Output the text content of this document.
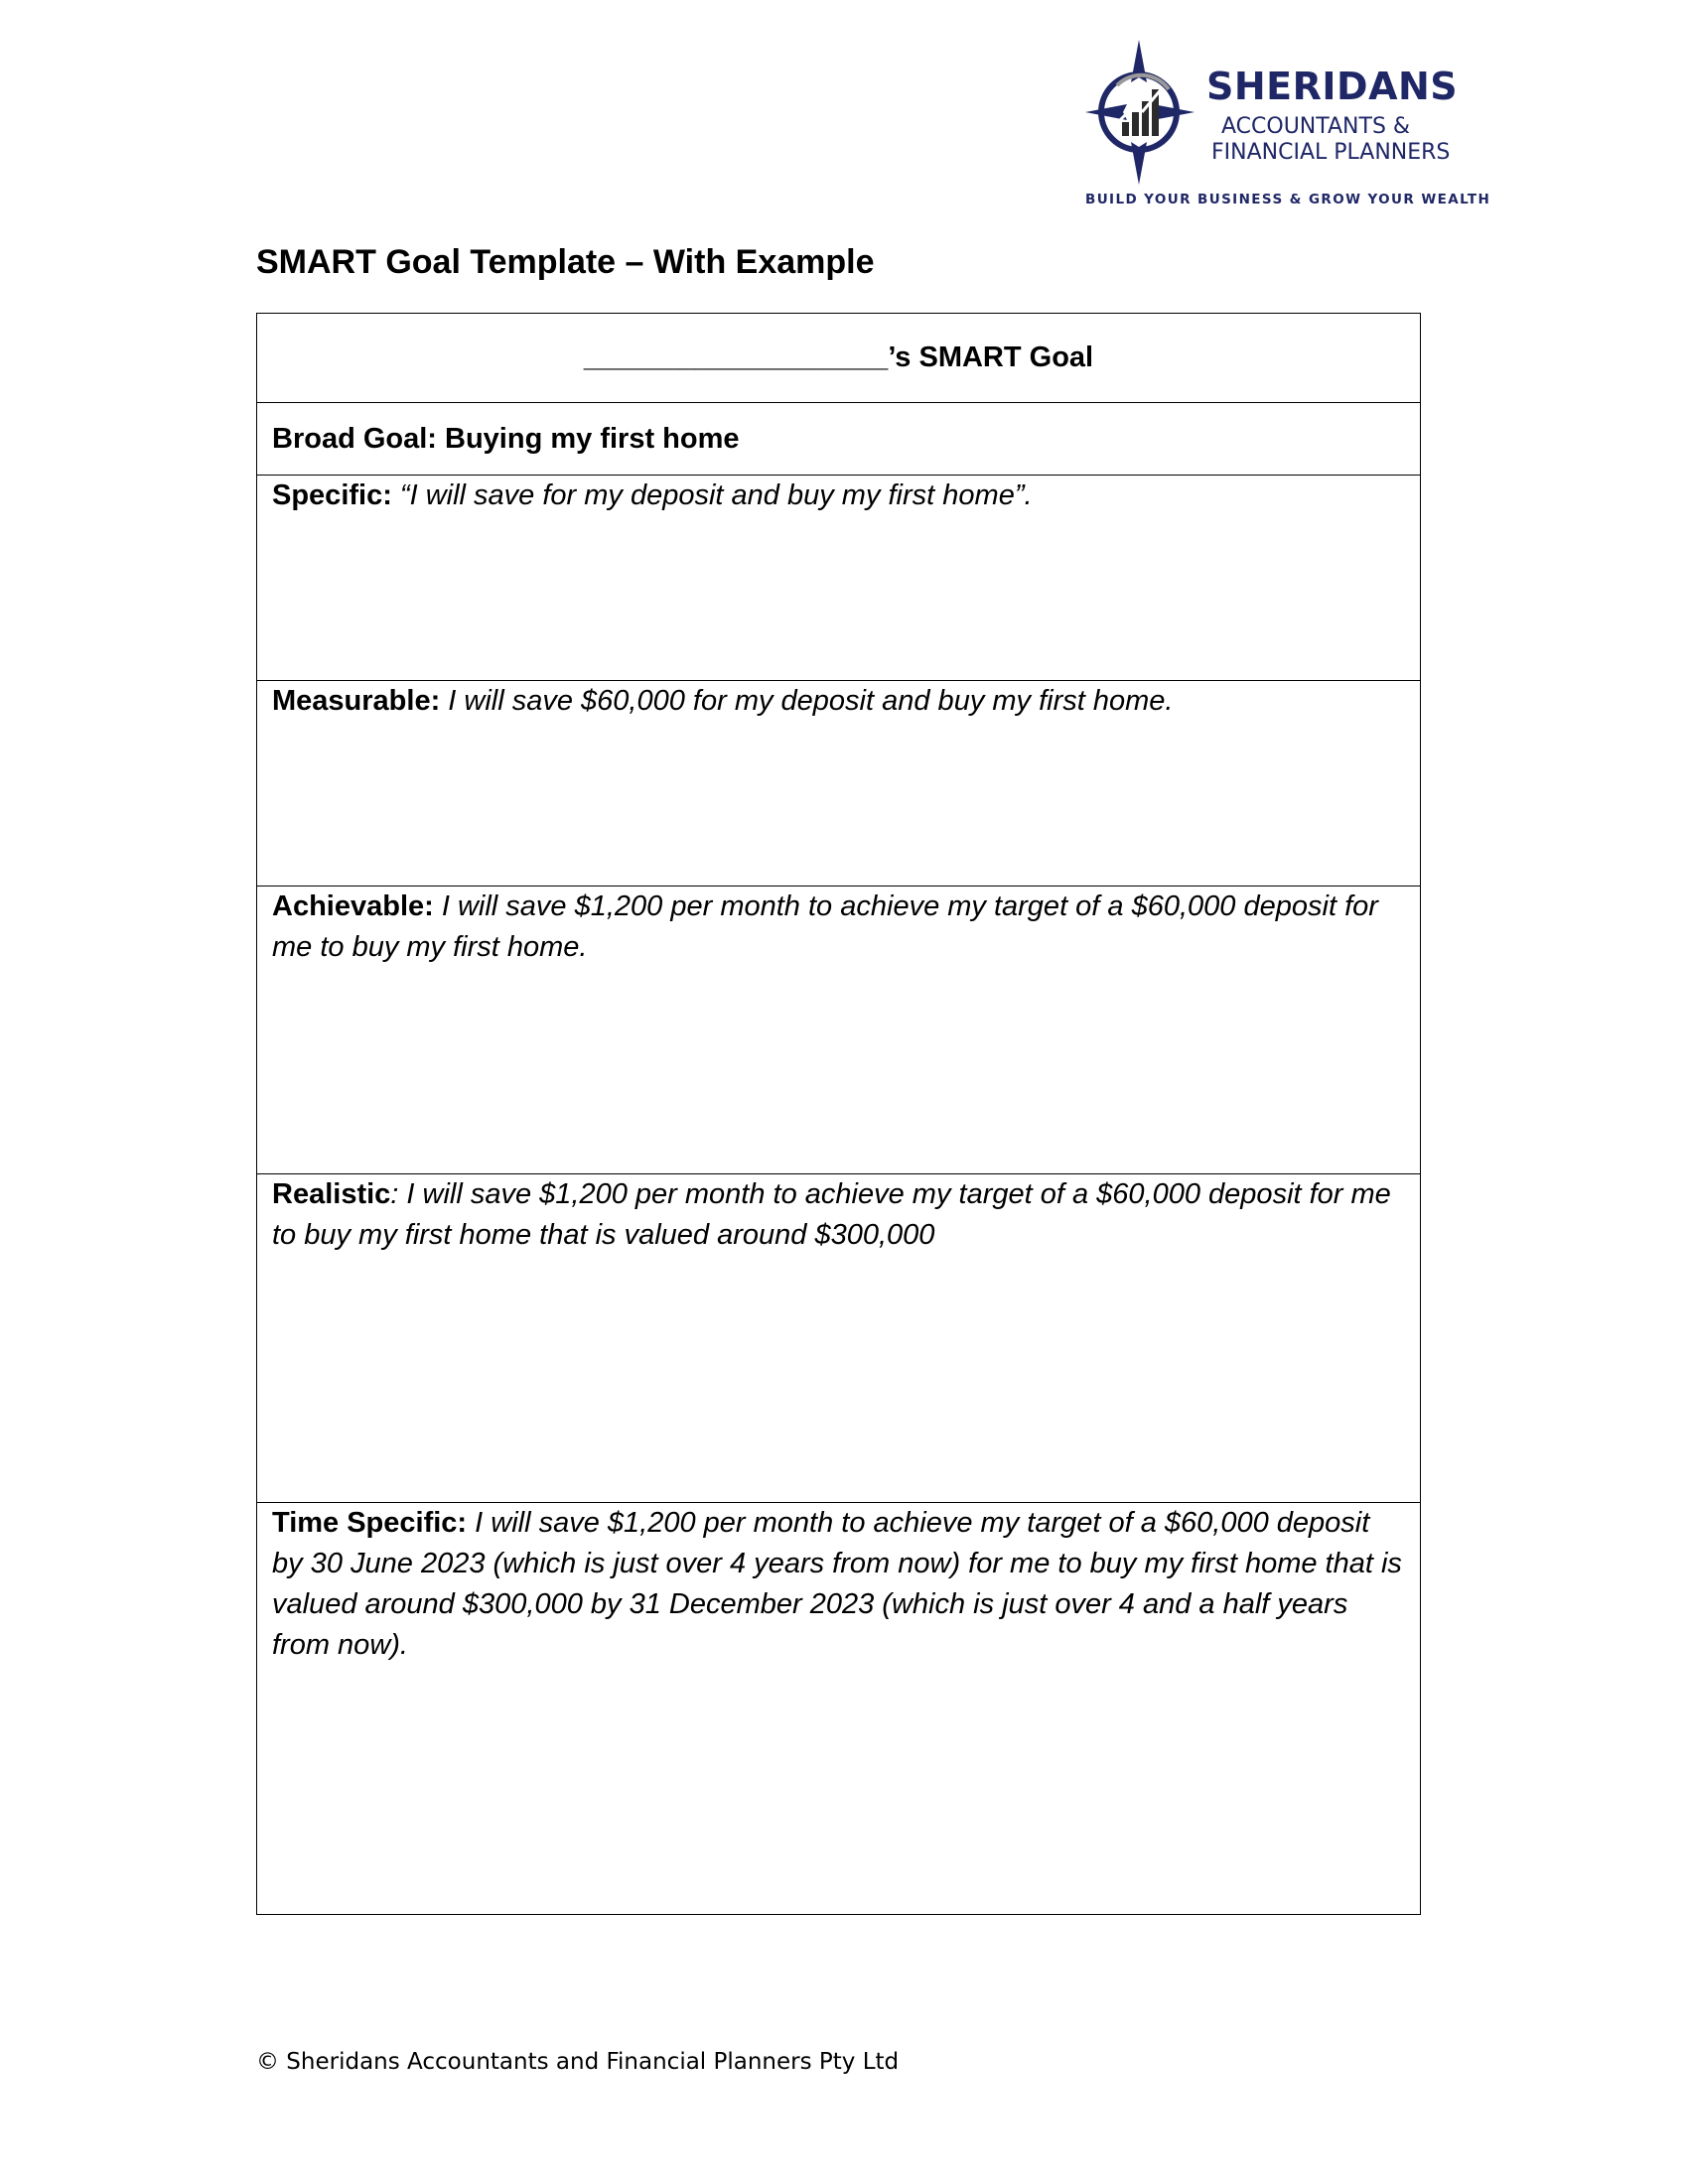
SHERIDANS
ACCOUNTANTS &
FINANCIAL PLANNERS
BUILD YOUR BUSINESS & GROW YOUR WEALTH
SMART Goal Template – With Example
___________________’s SMART Goal
Broad Goal: Buying my first home
Specific: “I will save for my deposit and buy my first home”.
Measurable: I will save $60,000 for my deposit and buy my first home.
Achievable: I will save $1,200 per month to achieve my target of a $60,000 deposit for me to buy my first home.
Realistic: I will save $1,200 per month to achieve my target of a $60,000 deposit for me to buy my first home that is valued around $300,000
Time Specific: I will save $1,200 per month to achieve my target of a $60,000 deposit by 30 June 2023 (which is just over 4 years from now) for me to buy my first home that is valued around $300,000 by 31 December 2023 (which is just over 4 and a half years from now).
© Sheridans Accountants and Financial Planners Pty Ltd
